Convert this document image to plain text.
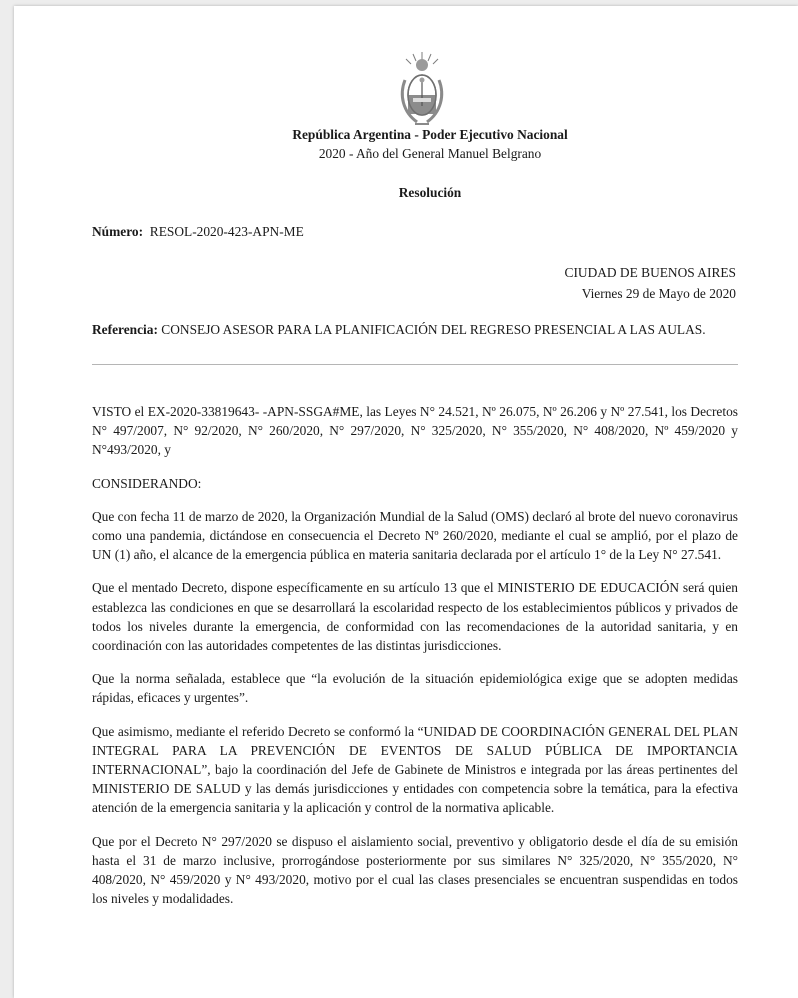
República Argentina - Poder Ejecutivo Nacional
2020 - Año del General Manuel Belgrano
Resolución
Número: RESOL-2020-423-APN-ME
CIUDAD DE BUENOS AIRES
Viernes 29 de Mayo de 2020
Referencia: CONSEJO ASESOR PARA LA PLANIFICACIÓN DEL REGRESO PRESENCIAL A LAS AULAS.

VISTO el EX-2020-33819643- -APN-SSGA#ME, las Leyes N° 24.521, Nº 26.075, Nº 26.206 y Nº 27.541, los Decretos N° 497/2007, N° 92/2020, N° 260/2020, N° 297/2020, N° 325/2020, N° 355/2020, N° 408/2020, Nº 459/2020 y N°493/2020, y

CONSIDERANDO:

Que con fecha 11 de marzo de 2020, la Organización Mundial de la Salud (OMS) declaró al brote del nuevo coronavirus como una pandemia, dictándose en consecuencia el Decreto Nº 260/2020, mediante el cual se amplió, por el plazo de UN (1) año, el alcance de la emergencia pública en materia sanitaria declarada por el artículo 1° de la Ley N° 27.541.

Que el mentado Decreto, dispone específicamente en su artículo 13 que el MINISTERIO DE EDUCACIÓN será quien establezca las condiciones en que se desarrollará la escolaridad respecto de los establecimientos públicos y privados de todos los niveles durante la emergencia, de conformidad con las recomendaciones de la autoridad sanitaria, y en coordinación con las autoridades competentes de las distintas jurisdicciones.

Que la norma señalada, establece que “la evolución de la situación epidemiológica exige que se adopten medidas rápidas, eficaces y urgentes”.

Que asimismo, mediante el referido Decreto se conformó la “UNIDAD DE COORDINACIÓN GENERAL DEL PLAN INTEGRAL PARA LA PREVENCIÓN DE EVENTOS DE SALUD PÚBLICA DE IMPORTANCIA INTERNACIONAL”, bajo la coordinación del Jefe de Gabinete de Ministros e integrada por las áreas pertinentes del MINISTERIO DE SALUD y las demás jurisdicciones y entidades con competencia sobre la temática, para la efectiva atención de la emergencia sanitaria y la aplicación y control de la normativa aplicable.

Que por el Decreto N° 297/2020 se dispuso el aislamiento social, preventivo y obligatorio desde el día de su emisión hasta el 31 de marzo inclusive, prorrogándose posteriormente por sus similares N° 325/2020, N° 355/2020, N° 408/2020, N° 459/2020 y N° 493/2020, motivo por el cual las clases presenciales se encuentran suspendidas en todos los niveles y modalidades.
